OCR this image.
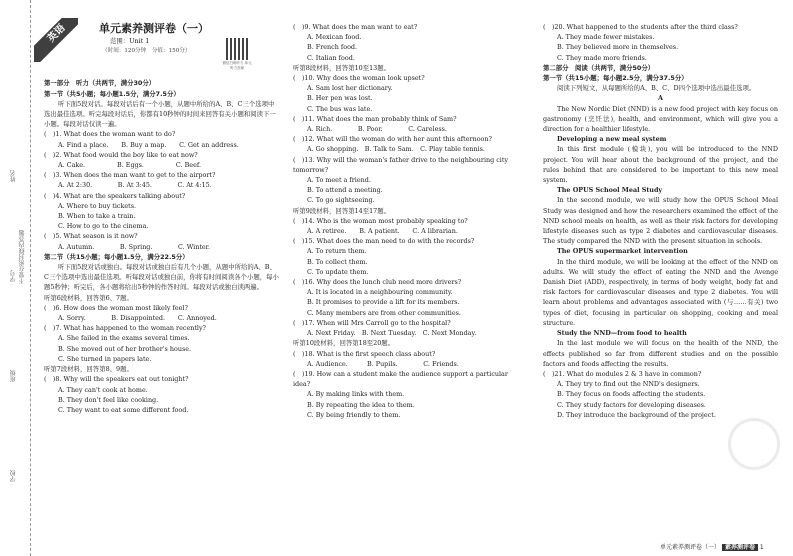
学校
班级
学号
姓名
不要在密封线内答题
英语
微信扫码听力 单元听力音频
单元素养测评卷（一）
范围：Unit 1
（时间：120分钟　分值：150分）
第一部分　听力（共两节，满分30分）
第一节（共5小题；每小题1.5分，满分7.5分）
听下面5段对话。每段对话后有一个小题，从题中所给的A、B、C三个选项中选出最佳选项。听完每段对话后，你都有10秒钟的时间来回答有关小题和阅读下一小题。每段对话仅读一遍。
(　)1. What does the woman want to do?
A. Find a place.　　B. Buy a map.　　C. Get an address.
(　)2. What food would the boy like to eat now?
A. Cake.　　　　　B. Eggs.　　　　　C. Beef.
(　)3. When does the man want to get to the airport?
A. At 2:30.　　　　B. At 3:45.　　　　C. At 4:15.
(　)4. What are the speakers talking about?
A. Where to buy tickets.
B. When to take a train.
C. How to go to the cinema.
(　)5. What season is it now?
A. Autumn.　　　　B. Spring.　　　　C. Winter.
第二节（共15小题；每小题1.5分，满分22.5分）
听下面5段对话或独白。每段对话或独白后有几个小题，从题中所给的A、B、C三个选项中选出最佳选项。听每段对话或独白前，你将有时间阅读各个小题，每小题5秒钟；听完后，各小题将给出5秒钟的作答时间。每段对话或独白读两遍。
听第6段材料，回答第6、7题。
(　)6. How does the woman most likely feel?
A. Sorry.　　　　B. Disappointed.　　C. Annoyed.
(　)7. What has happened to the woman recently?
A. She failed in the exams several times.
B. She moved out of her brother's house.
C. She turned in papers late.
听第7段材料，回答第8、9题。
(　)8. Why will the speakers eat out tonight?
A. They can't cook at home.
B. They don't feel like cooking.
C. They want to eat some different food.
(　)9. What does the man want to eat?
A. Mexican food.
B. French food.
C. Italian food.
听第8段材料，回答第10至13题。
(　)10. Why does the woman look upset?
A. Sam lost her dictionary.
B. Her pen was lost.
C. The bus was late.
(　)11. What does the man probably think of Sam?
A. Rich.　　　　B. Poor.　　　　C. Careless.
(　)12. What will the woman do with her aunt this afternoon?
A. Go shopping.　B. Talk to Sam.　C. Play table tennis.
(　)13. Why will the woman's father drive to the neighbouring city tomorrow?
A. To meet a friend.
B. To attend a meeting.
C. To go sightseeing.
听第9段材料，回答第14至17题。
(　)14. Who is the woman most probably speaking to?
A. A retiree.　　B. A patient.　　C. A librarian.
(　)15. What does the man need to do with the records?
A. To return them.
B. To collect them.
C. To update them.
(　)16. Why does the lunch club need more drivers?
A. It is located in a neighbouring community.
B. It promises to provide a lift for its members.
C. Many members are from other communities.
(　)17. When will Mrs Carroll go to the hospital?
A. Next Friday.　B. Next Tuesday.　C. Next Monday.
听第10段材料，回答第18至20题。
(　)18. What is the first speech class about?
A. Audience.　　　B. Pupils.　　　　C. Friends.
(　)19. How can a student make the audience support a particular idea?
A. By making links with them.
B. By repeating the idea to them.
C. By being friendly to them.
(　)20. What happened to the students after the third class?
A. They made fewer mistakes.
B. They believed more in themselves.
C. They made more friends.
第二部分　阅读（共两节，满分50分）
第一节（共15小题；每小题2.5分，满分37.5分）
阅读下列短文，从每题所给的A、B、C、D四个选项中选出最佳选项。
A
The New Nordic Diet (NND) is a new food project with key focus on gastronomy (烹饪法), health, and environment, which will give you a direction for a healthier lifestyle.
Developing a new meal system
In this first module (模块), you will be introduced to the NND project. You will hear about the background of the project, and the rules behind that are considered to be important to this new meal system.
The OPUS School Meal Study
In the second module, we will study how the OPUS School Meal Study was designed and how the researchers examined the effect of the NND school meals on health, as well as their risk factors for developing lifestyle diseases such as type 2 diabetes and cardiovascular diseases. The study compared the NND with the present situation in schools.
The OPUS supermarket intervention
In the third module, we will be looking at the effect of the NND on adults. We will study the effect of eating the NND and the Avenge Danish Diet (ADD), respectively, in terms of body weight, body fat and risk factors for cardiovascular diseases and type 2 diabetes. You will learn about problems and advantages associated with (与……有关) two types of diet, focusing in particular on shopping, cooking and meal structure.
Study the NND—from food to health
In the last module we will focus on the health of the NND, the effects published so far from different studies and on the possible factors and foods affecting the results.
(　)21. What do modules 2 & 3 have in common?
A. They try to find out the NND's designers.
B. They focus on foods affecting the students.
C. They study factors for developing diseases.
D. They introduce the background of the project.
单元素养测评卷（一） 素养测评卷 1
